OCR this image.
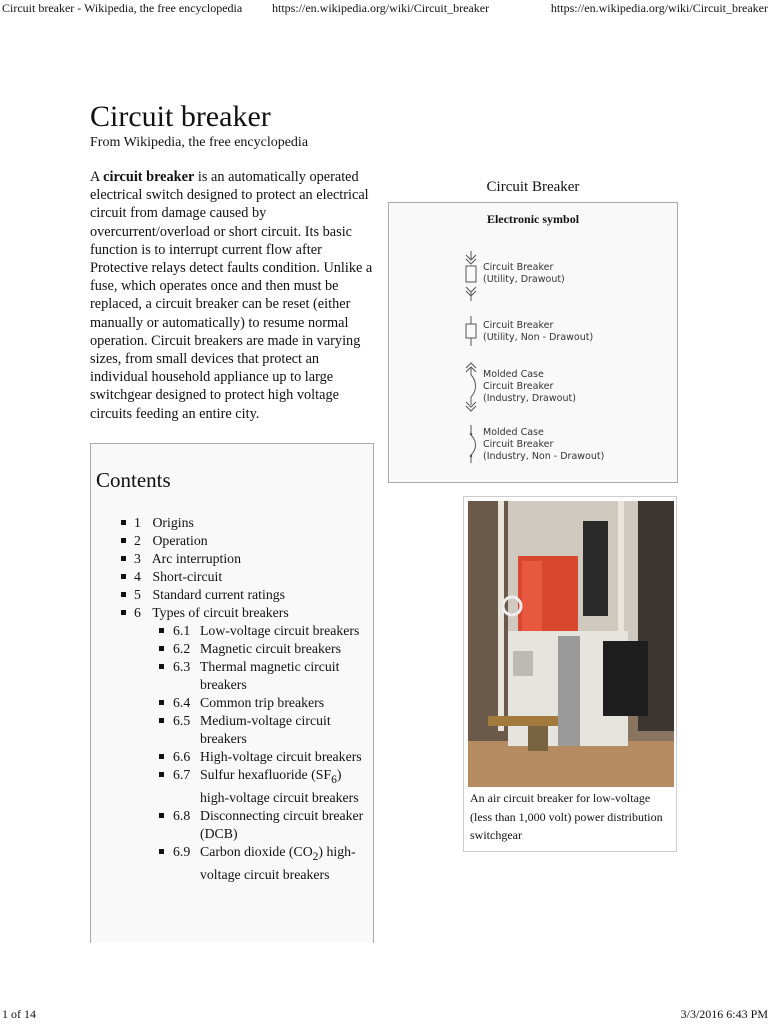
Circuit breaker - Wikipedia, the free encyclopedia https://en.wikipedia.org/wiki/Circuit_breaker	https://en.wikipedia.org/wiki/Circuit_breaker
Circuit breaker
From Wikipedia, the free encyclopedia

A circuit breaker is an automatically operated electrical switch designed to protect an electrical circuit from damage caused by overcurrent/overload or short circuit. Its basic function is to interrupt current flow after Protective relays detect faults condition. Unlike a fuse, which operates once and then must be replaced, a circuit breaker can be reset (either manually or automatically) to resume normal operation. Circuit breakers are made in varying sizes, from small devices that protect an individual household appliance up to large switchgear designed to protect high voltage circuits feeding an entire city.

Contents
1 Origins
2 Operation
3 Arc interruption
4 Short-circuit
5 Standard current ratings
6 Types of circuit breakers
6.1 Low-voltage circuit breakers
6.2 Magnetic circuit breakers
6.3 Thermal magnetic circuit breakers
6.4 Common trip breakers
6.5 Medium-voltage circuit breakers
6.6 High-voltage circuit breakers
6.7 Sulfur hexafluoride $(SF_6)$ high-voltage circuit breakers
6.8 Disconnecting circuit breaker (DCB)
6.9 Carbon dioxide $(CO_2)$ high-voltage circuit breakers
Circuit Breaker
Electronic symbol
Circuit Breaker
(Utility, Drawout)
Circuit Breaker
(Utility, Non - Drawout)
Molded Case
Circuit Breaker
(Industry, Drawout)
Molded Case
Circuit Breaker
(Industry, Non - Drawout)

An air circuit breaker for low-voltage (less than 1,000 volt) power distribution switchgear

1 of 14	3/3/2016 6:43 PM
